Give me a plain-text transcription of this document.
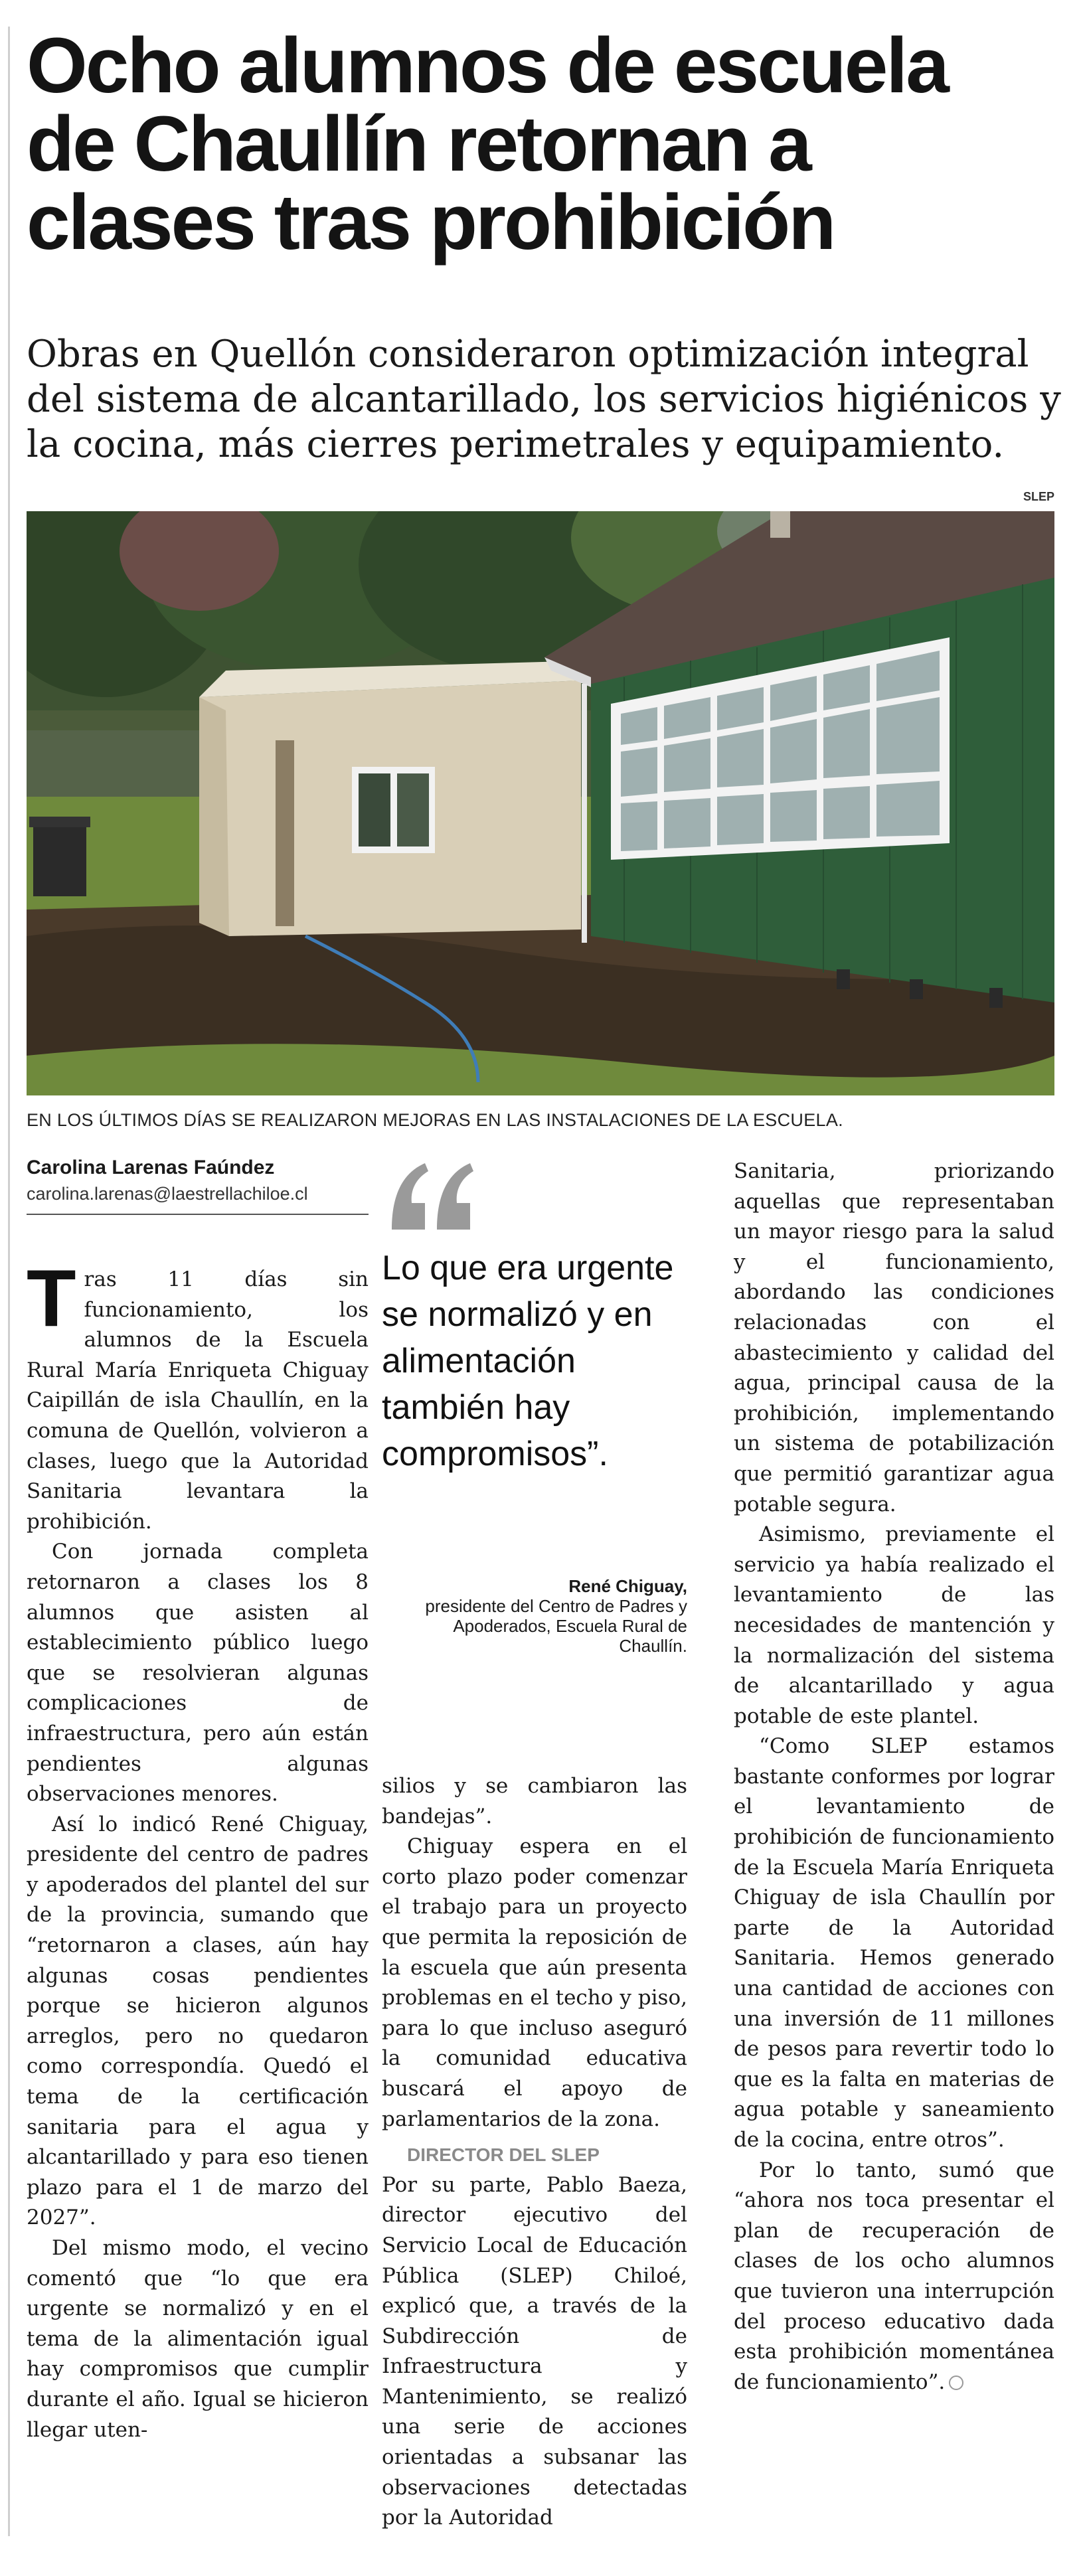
Ocho alumnos de escuela
de Chaullín retornan a
clases tras prohibición
Obras en Quellón consideraron optimización integral del sistema de alcantarillado, los servicios higiénicos y la cocina, más cierres perimetrales y equipamiento.
SLEP
EN LOS ÚLTIMOS DÍAS SE REALIZARON MEJORAS EN LAS INSTALACIONES DE LA ESCUELA.
Carolina Larenas Faúndez
carolina.larenas@laestrellachiloe.cl

Tras 11 días sin funcionamiento, los alumnos de la Escuela Rural María Enriqueta Chiguay Caipillán de isla Chaullín, en la comuna de Quellón, volvieron a clases, luego que la Autoridad Sanitaria levantara la prohibición.

Con jornada completa retornaron a clases los 8 alumnos que asisten al establecimiento público luego que se resolvieran algunas complicaciones de infraestructura, pero aún están pendientes algunas observaciones menores.

Así lo indicó René Chiguay, presidente del centro de padres y apoderados del plantel del sur de la provincia, sumando que “retornaron a clases, aún hay algunas cosas pendientes porque se hicieron algunos arreglos, pero no quedaron como correspondía. Quedó el tema de la certificación sanitaria para el agua y alcantarillado y para eso tienen plazo para el 1 de marzo del 2027”.

Del mismo modo, el vecino comentó que “lo que era urgente se normalizó y en el tema de la alimentación igual hay compromisos que cumplir durante el año. Igual se hicieron llegar uten-

Lo que era urgente se normalizó y en alimentación también hay compromisos”.
René Chiguay,
presidente del Centro de Padres y Apoderados, Escuela Rural de Chaullín.

silios y se cambiaron las bandejas”.

Chiguay espera en el corto plazo poder comenzar el trabajo para un proyecto que permita la reposición de la escuela que aún presenta problemas en el techo y piso, para lo que incluso aseguró la comunidad educativa buscará el apoyo de parlamentarios de la zona.

DIRECTOR DEL SLEP

Por su parte, Pablo Baeza, director ejecutivo del Servicio Local de Educación Pública (SLEP) Chiloé, explicó que, a través de la Subdirección de Infraestructura y Mantenimiento, se realizó una serie de acciones orientadas a subsanar las observaciones detectadas por la Autoridad

Sanitaria, priorizando aquellas que representaban un mayor riesgo para la salud y el funcionamiento, abordando las condiciones relacionadas con el abastecimiento y calidad del agua, principal causa de la prohibición, implementando un sistema de potabilización que permitió garantizar agua potable segura.

Asimismo, previamente el servicio ya había realizado el levantamiento de las necesidades de mantención y la normalización del sistema de alcantarillado y agua potable de este plantel.

“Como SLEP estamos bastante conformes por lograr el levantamiento de prohibición de funcionamiento de la Escuela María Enriqueta Chiguay de isla Chaullín por parte de la Autoridad Sanitaria. Hemos generado una cantidad de acciones con una inversión de 11 millones de pesos para revertir todo lo que es la falta en materias de agua potable y saneamiento de la cocina, entre otros”.

Por lo tanto, sumó que “ahora nos toca presentar el plan de recuperación de clases de los ocho alumnos que tuvieron una interrupción del proceso educativo dada esta prohibición momentánea de funcionamiento”.
